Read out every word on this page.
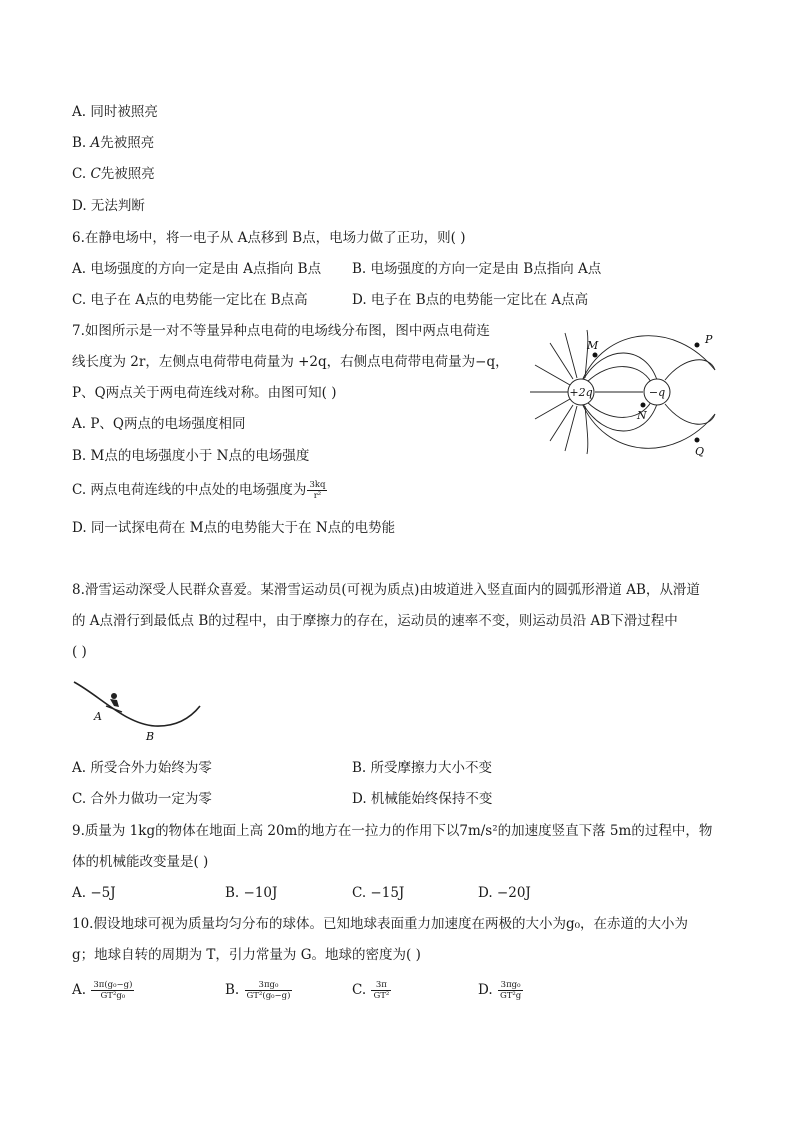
A. 同时被照亮
B. A先被照亮
C. C先被照亮
D. 无法判断
6.在静电场中，将一电子从 A点移到 B点，电场力做了正功，则( )
A. 电场强度的方向一定是由 A点指向 B点 B. 电场强度的方向一定是由 B点指向 A点
C. 电子在 A点的电势能一定比在 B点高	D. 电子在 B点的电势能一定比在 A点高
7.如图所示是一对不等量异种点电荷的电场线分布图，图中两点电荷连
线长度为 2r，左侧点电荷带电荷量为 +2q，右侧点电荷带电荷量为−q，
P、Q两点关于两电荷连线对称。由图可知( )
A. P、Q两点的电场强度相同
B. M点的电场强度小于 N点的电场强度
C. 两点电荷连线的中点处的电场强度为 $\frac{3kq}{\text{r²}}$
D. 同一试探电荷在 M点的电势能大于在 N点的电势能
+2q	−q
M	P
N
Q
8.滑雪运动深受人民群众喜爱。某滑雪运动员(可视为质点)由坡道进入竖直面内的圆弧形滑道 AB，从滑道
的 A点滑行到最低点 B的过程中，由于摩擦力的存在，运动员的速率不变，则运动员沿 AB下滑过程中
( )
A
B
A. 所受合外力始终为零	B. 所受摩擦力大小不变
C. 合外力做功一定为零	D. 机械能始终保持不变
9.质量为 1kg的物体在地面上高 20m的地方在一拉力的作用下以7m/s²的加速度竖直下落 5m的过程中，物
体的机械能改变量是( )
A. −5J	B. −10J	C. −15J	D. −20J
10.假设地球可视为质量均匀分布的球体。已知地球表面重力加速度在两极的大小为g₀，在赤道的大小为
g；地球自转的周期为 T，引力常量为 G。地球的密度为( )
A. $\frac{\text{3π(g₀−g)}}{\text{GT²g₀}}$	B. $\frac{\text{3πg₀}}{\text{GT²(g₀−g)}}$	C. $\frac{3\pi}{\text{GT²}}$	D. $\frac{\text{3πg₀}}{\text{GT²g}}$
